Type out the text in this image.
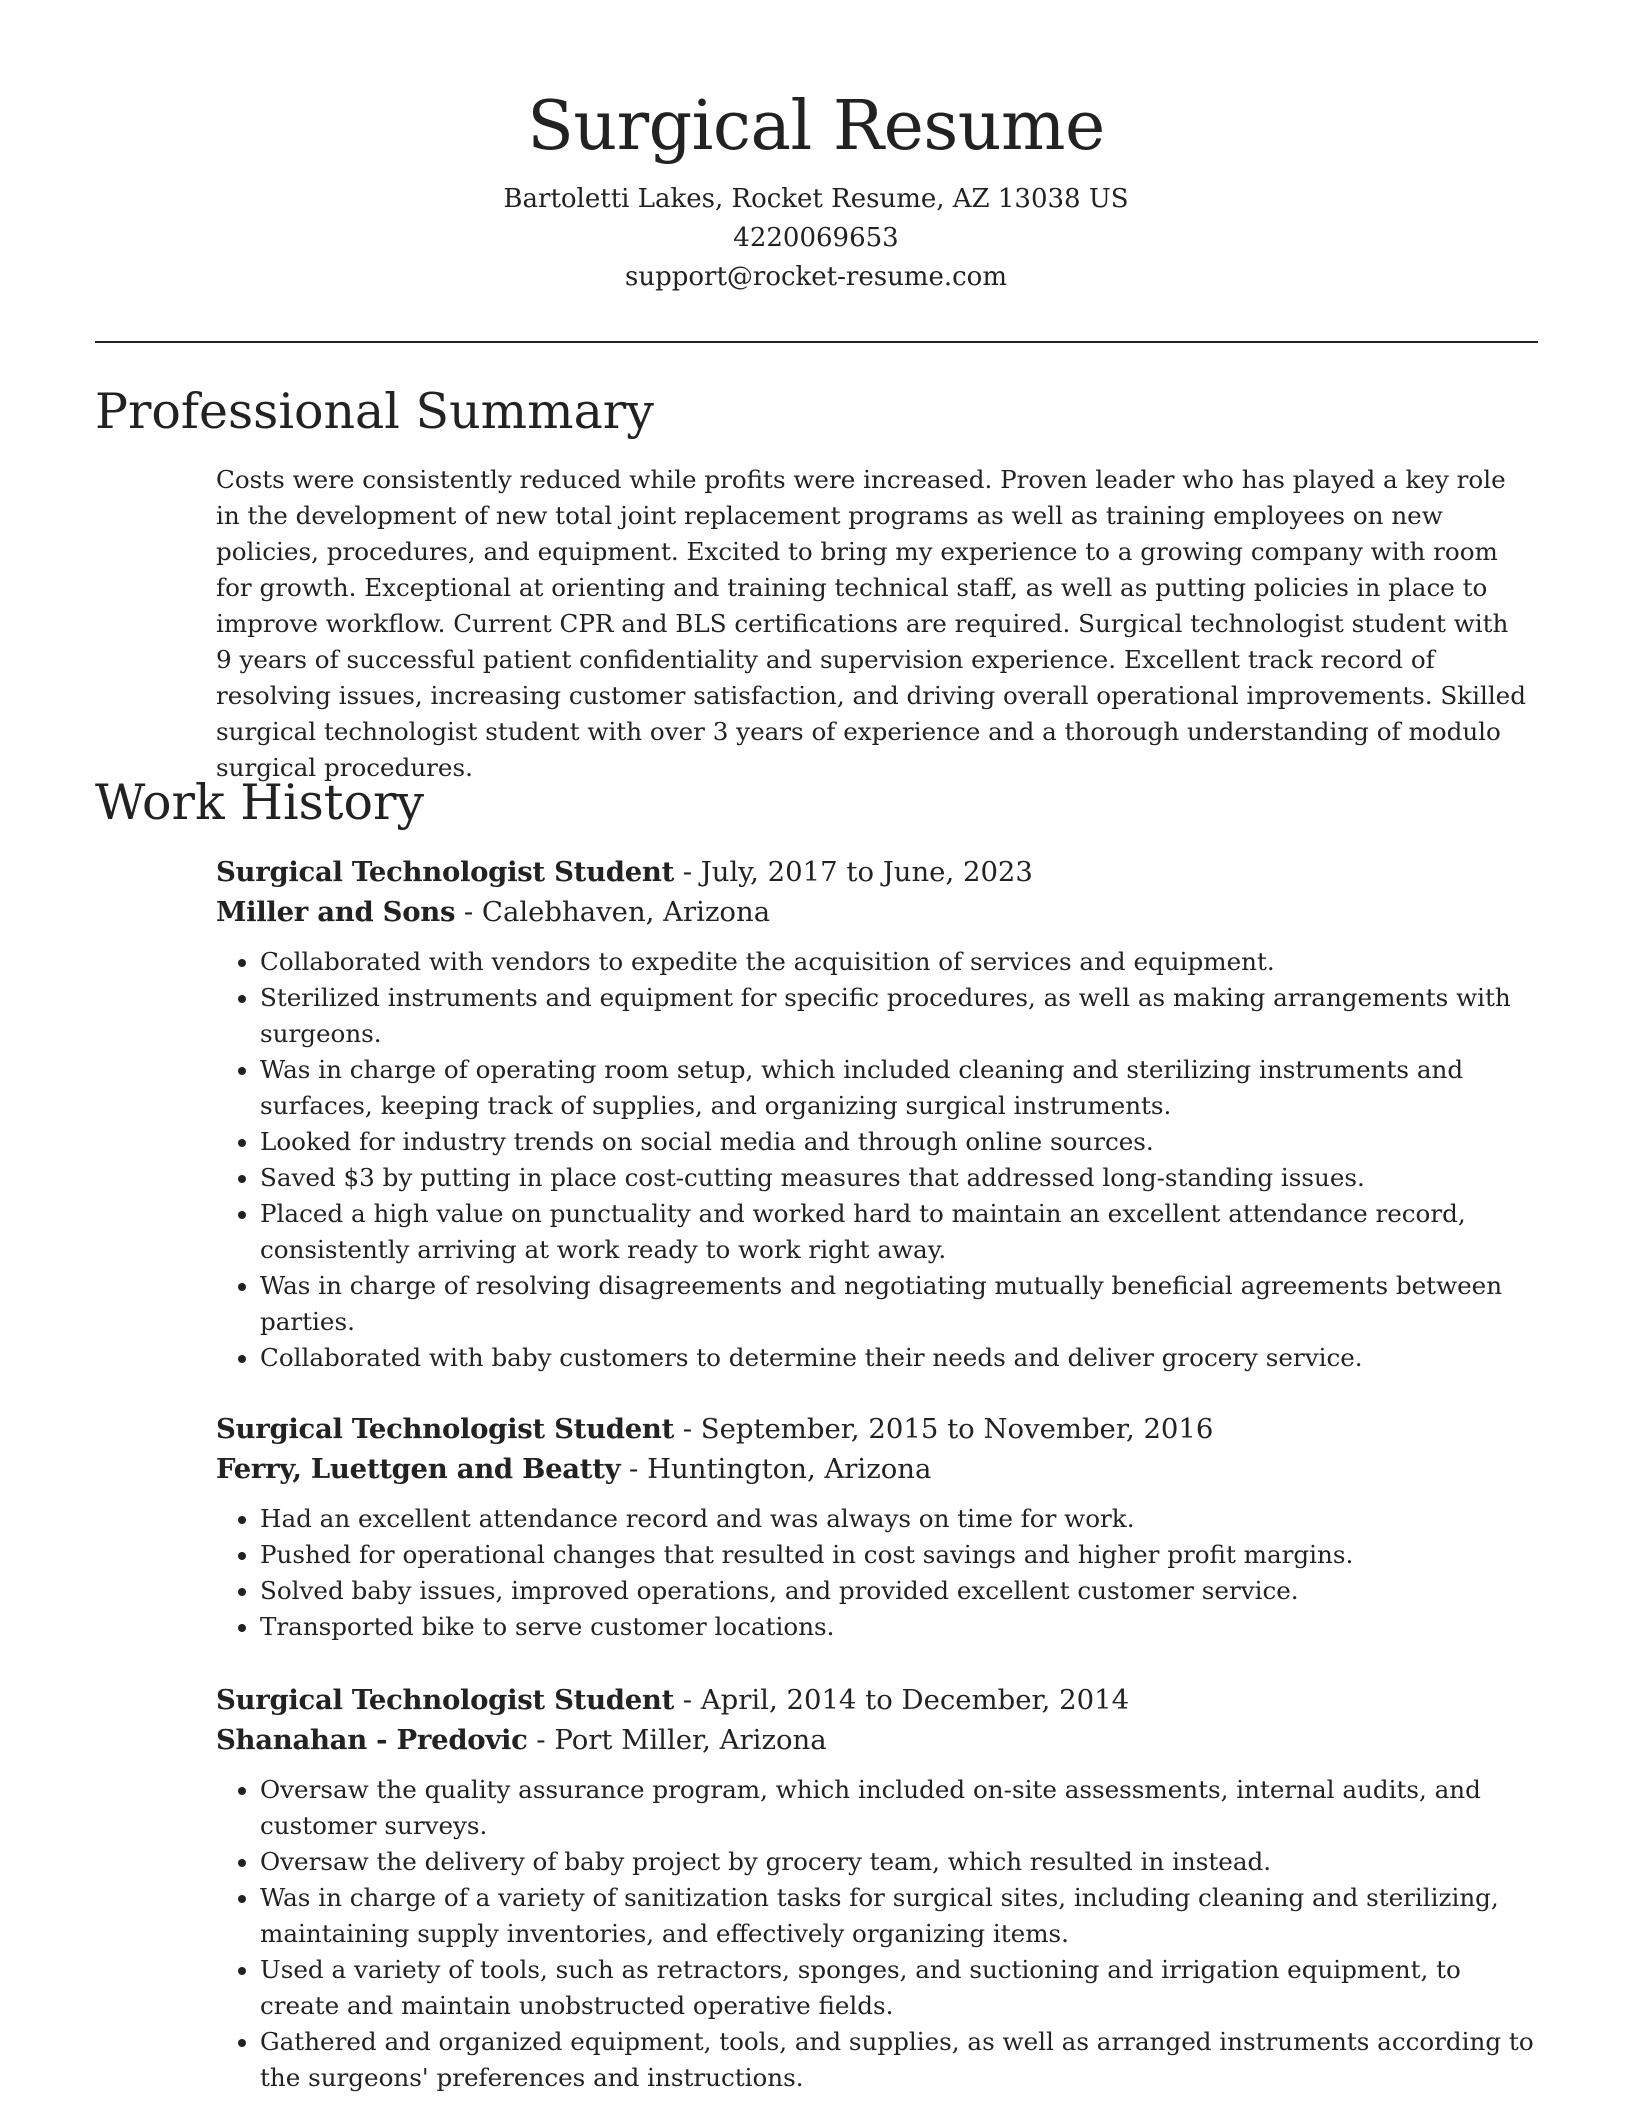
Surgical Resume

Bartoletti Lakes, Rocket Resume, AZ 13038 US

4220069653

support@rocket-resume.com

Professional Summary

Costs were consistently reduced while profits were increased. Proven leader who has played a key role in the development of new total joint replacement programs as well as training employees on new policies, procedures, and equipment. Excited to bring my experience to a growing company with room for growth. Exceptional at orienting and training technical staff, as well as putting policies in place to improve workflow. Current CPR and BLS certifications are required. Surgical technologist student with 9 years of successful patient confidentiality and supervision experience. Excellent track record of resolving issues, increasing customer satisfaction, and driving overall operational improvements. Skilled surgical technologist student with over 3 years of experience and a thorough understanding of modulo surgical procedures.

Work History

Surgical Technologist Student - July, 2017 to June, 2023

Miller and Sons - Calebhaven, Arizona

• Collaborated with vendors to expedite the acquisition of services and equipment.
• Sterilized instruments and equipment for specific procedures, as well as making arrangements with surgeons.
• Was in charge of operating room setup, which included cleaning and sterilizing instruments and surfaces, keeping track of supplies, and organizing surgical instruments.
• Looked for industry trends on social media and through online sources.
• Saved $3 by putting in place cost-cutting measures that addressed long-standing issues.
• Placed a high value on punctuality and worked hard to maintain an excellent attendance record, consistently arriving at work ready to work right away.
• Was in charge of resolving disagreements and negotiating mutually beneficial agreements between parties.
• Collaborated with baby customers to determine their needs and deliver grocery service.

Surgical Technologist Student - September, 2015 to November, 2016

Ferry, Luettgen and Beatty - Huntington, Arizona

• Had an excellent attendance record and was always on time for work.
• Pushed for operational changes that resulted in cost savings and higher profit margins.
• Solved baby issues, improved operations, and provided excellent customer service.
• Transported bike to serve customer locations.

Surgical Technologist Student - April, 2014 to December, 2014

Shanahan - Predovic - Port Miller, Arizona

• Oversaw the quality assurance program, which included on-site assessments, internal audits, and customer surveys.
• Oversaw the delivery of baby project by grocery team, which resulted in instead.
• Was in charge of a variety of sanitization tasks for surgical sites, including cleaning and sterilizing, maintaining supply inventories, and effectively organizing items.
• Used a variety of tools, such as retractors, sponges, and suctioning and irrigation equipment, to create and maintain unobstructed operative fields.
• Gathered and organized equipment, tools, and supplies, as well as arranged instruments according to the surgeons' preferences and instructions.
